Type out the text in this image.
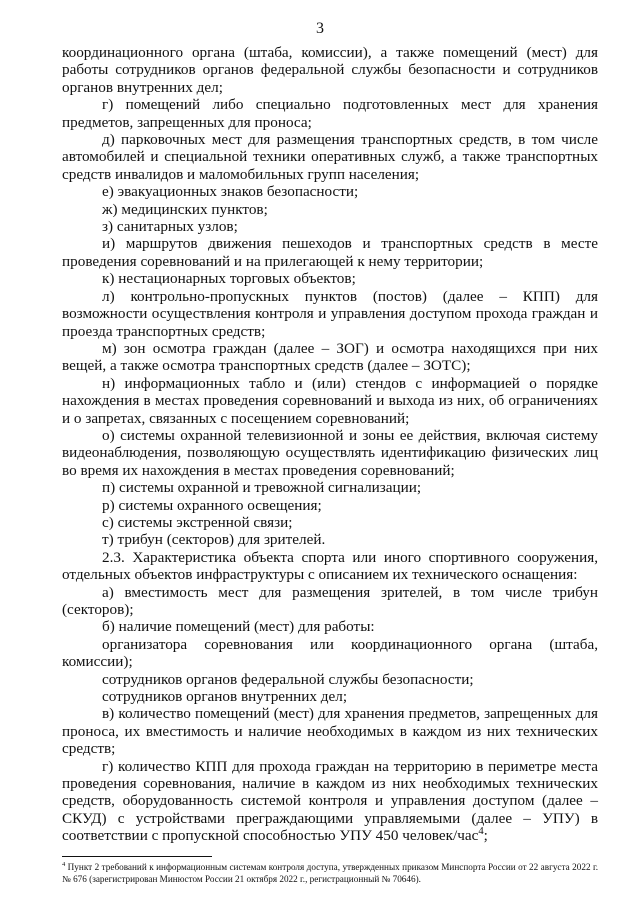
3

координационного органа (штаба, комиссии), а также помещений (мест) для работы сотрудников органов федеральной службы безопасности и сотрудников органов внутренних дел;

г) помещений либо специально подготовленных мест для хранения предметов, запрещенных для проноса;

д) парковочных мест для размещения транспортных средств, в том числе автомобилей и специальной техники оперативных служб, а также транспортных средств инвалидов и маломобильных групп населения;

е) эвакуационных знаков безопасности;

ж) медицинских пунктов;

з) санитарных узлов;

и) маршрутов движения пешеходов и транспортных средств в месте проведения соревнований и на прилегающей к нему территории;

к) нестационарных торговых объектов;

л) контрольно-пропускных пунктов (постов) (далее – КПП) для возможности осуществления контроля и управления доступом прохода граждан и проезда транспортных средств;

м) зон осмотра граждан (далее – ЗОГ) и осмотра находящихся при них вещей, а также осмотра транспортных средств (далее – ЗОТС);

н) информационных табло и (или) стендов с информацией о порядке нахождения в местах проведения соревнований и выхода из них, об ограничениях и о запретах, связанных с посещением соревнований;

о) системы охранной телевизионной и зоны ее действия, включая систему видеонаблюдения, позволяющую осуществлять идентификацию физических лиц во время их нахождения в местах проведения соревнований;

п) системы охранной и тревожной сигнализации;

р) системы охранного освещения;

с) системы экстренной связи;

т) трибун (секторов) для зрителей.

2.3. Характеристика объекта спорта или иного спортивного сооружения, отдельных объектов инфраструктуры с описанием их технического оснащения:

а) вместимость мест для размещения зрителей, в том числе трибун (секторов);

б) наличие помещений (мест) для работы:

организатора соревнования или координационного органа (штаба, комиссии);

сотрудников органов федеральной службы безопасности;

сотрудников органов внутренних дел;

в) количество помещений (мест) для хранения предметов, запрещенных для проноса, их вместимость и наличие необходимых в каждом из них технических средств;

г) количество КПП для прохода граждан на территорию в периметре места проведения соревнования, наличие в каждом из них необходимых технических средств, оборудованность системой контроля и управления доступом (далее – СКУД) с устройствами преграждающими управляемыми (далее – УПУ) в соответствии с пропускной способностью УПУ 450 человек/час$^4$;

$^4$ Пункт 2 требований к информационным системам контроля доступа, утвержденных приказом Минспорта России от 22 августа 2022 г. № 676 (зарегистрирован Минюстом России 21 октября 2022 г., регистрационный № 70646).
